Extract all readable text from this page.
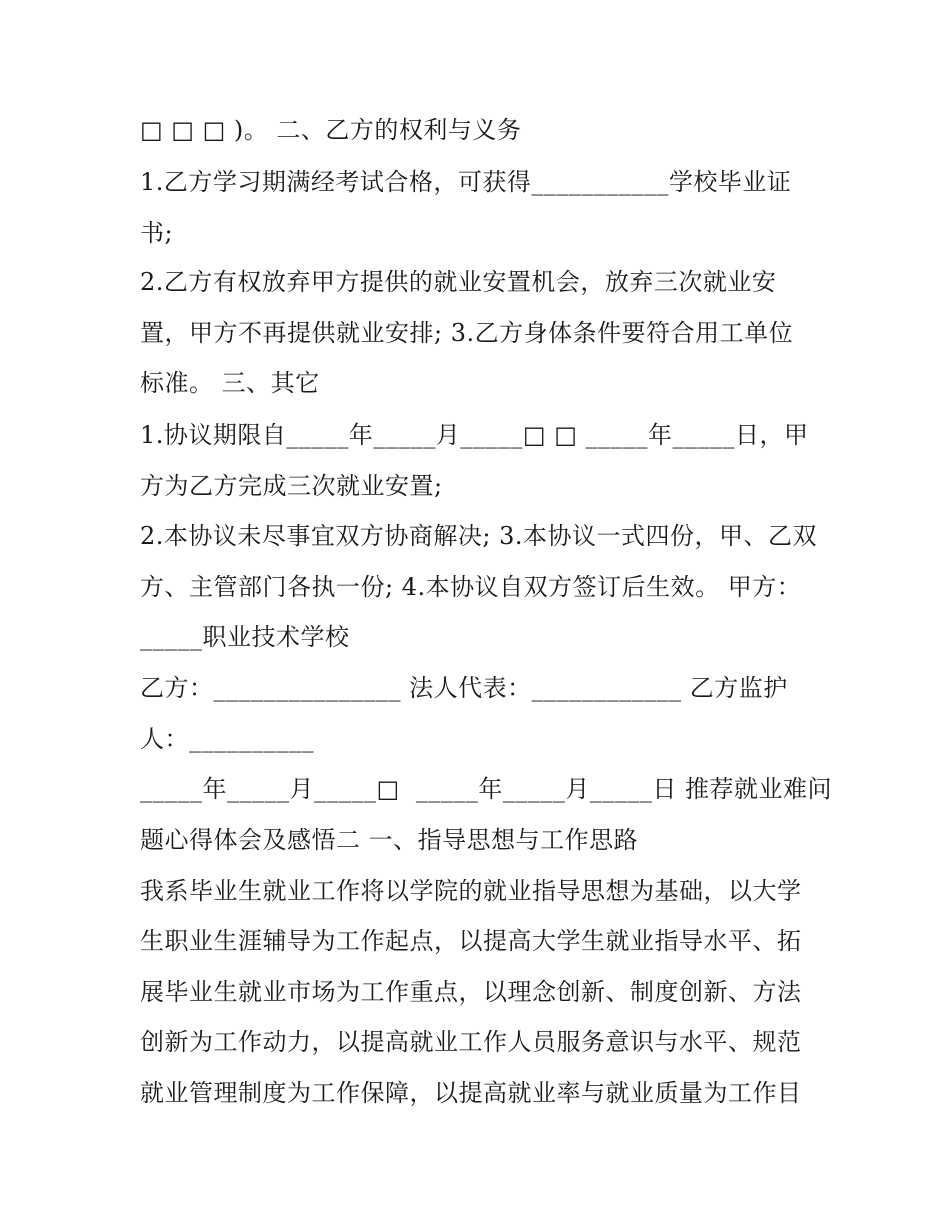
□ □ □ )。 二、乙方的权利与义务
1.乙方学习期满经考试合格，可获得___________学校毕业证
书;
2.乙方有权放弃甲方提供的就业安置机会，放弃三次就业安
置，甲方不再提供就业安排; 3.乙方身体条件要符合用工单位
标准。 三、其它
1.协议期限自_____年_____月_____□ □ _____年_____日，甲
方为乙方完成三次就业安置;
2.本协议未尽事宜双方协商解决; 3.本协议一式四份，甲、乙双
方、主管部门各执一份; 4.本协议自双方签订后生效。 甲方：
_____职业技术学校
乙方：_______________ 法人代表：____________ 乙方监护
人：__________
_____年_____月_____□  _____年_____月_____日 推荐就业难问
题心得体会及感悟二 一、指导思想与工作思路
我系毕业生就业工作将以学院的就业指导思想为基础，以大学
生职业生涯辅导为工作起点，以提高大学生就业指导水平、拓
展毕业生就业市场为工作重点，以理念创新、制度创新、方法
创新为工作动力，以提高就业工作人员服务意识与水平、规范
就业管理制度为工作保障，以提高就业率与就业质量为工作目
